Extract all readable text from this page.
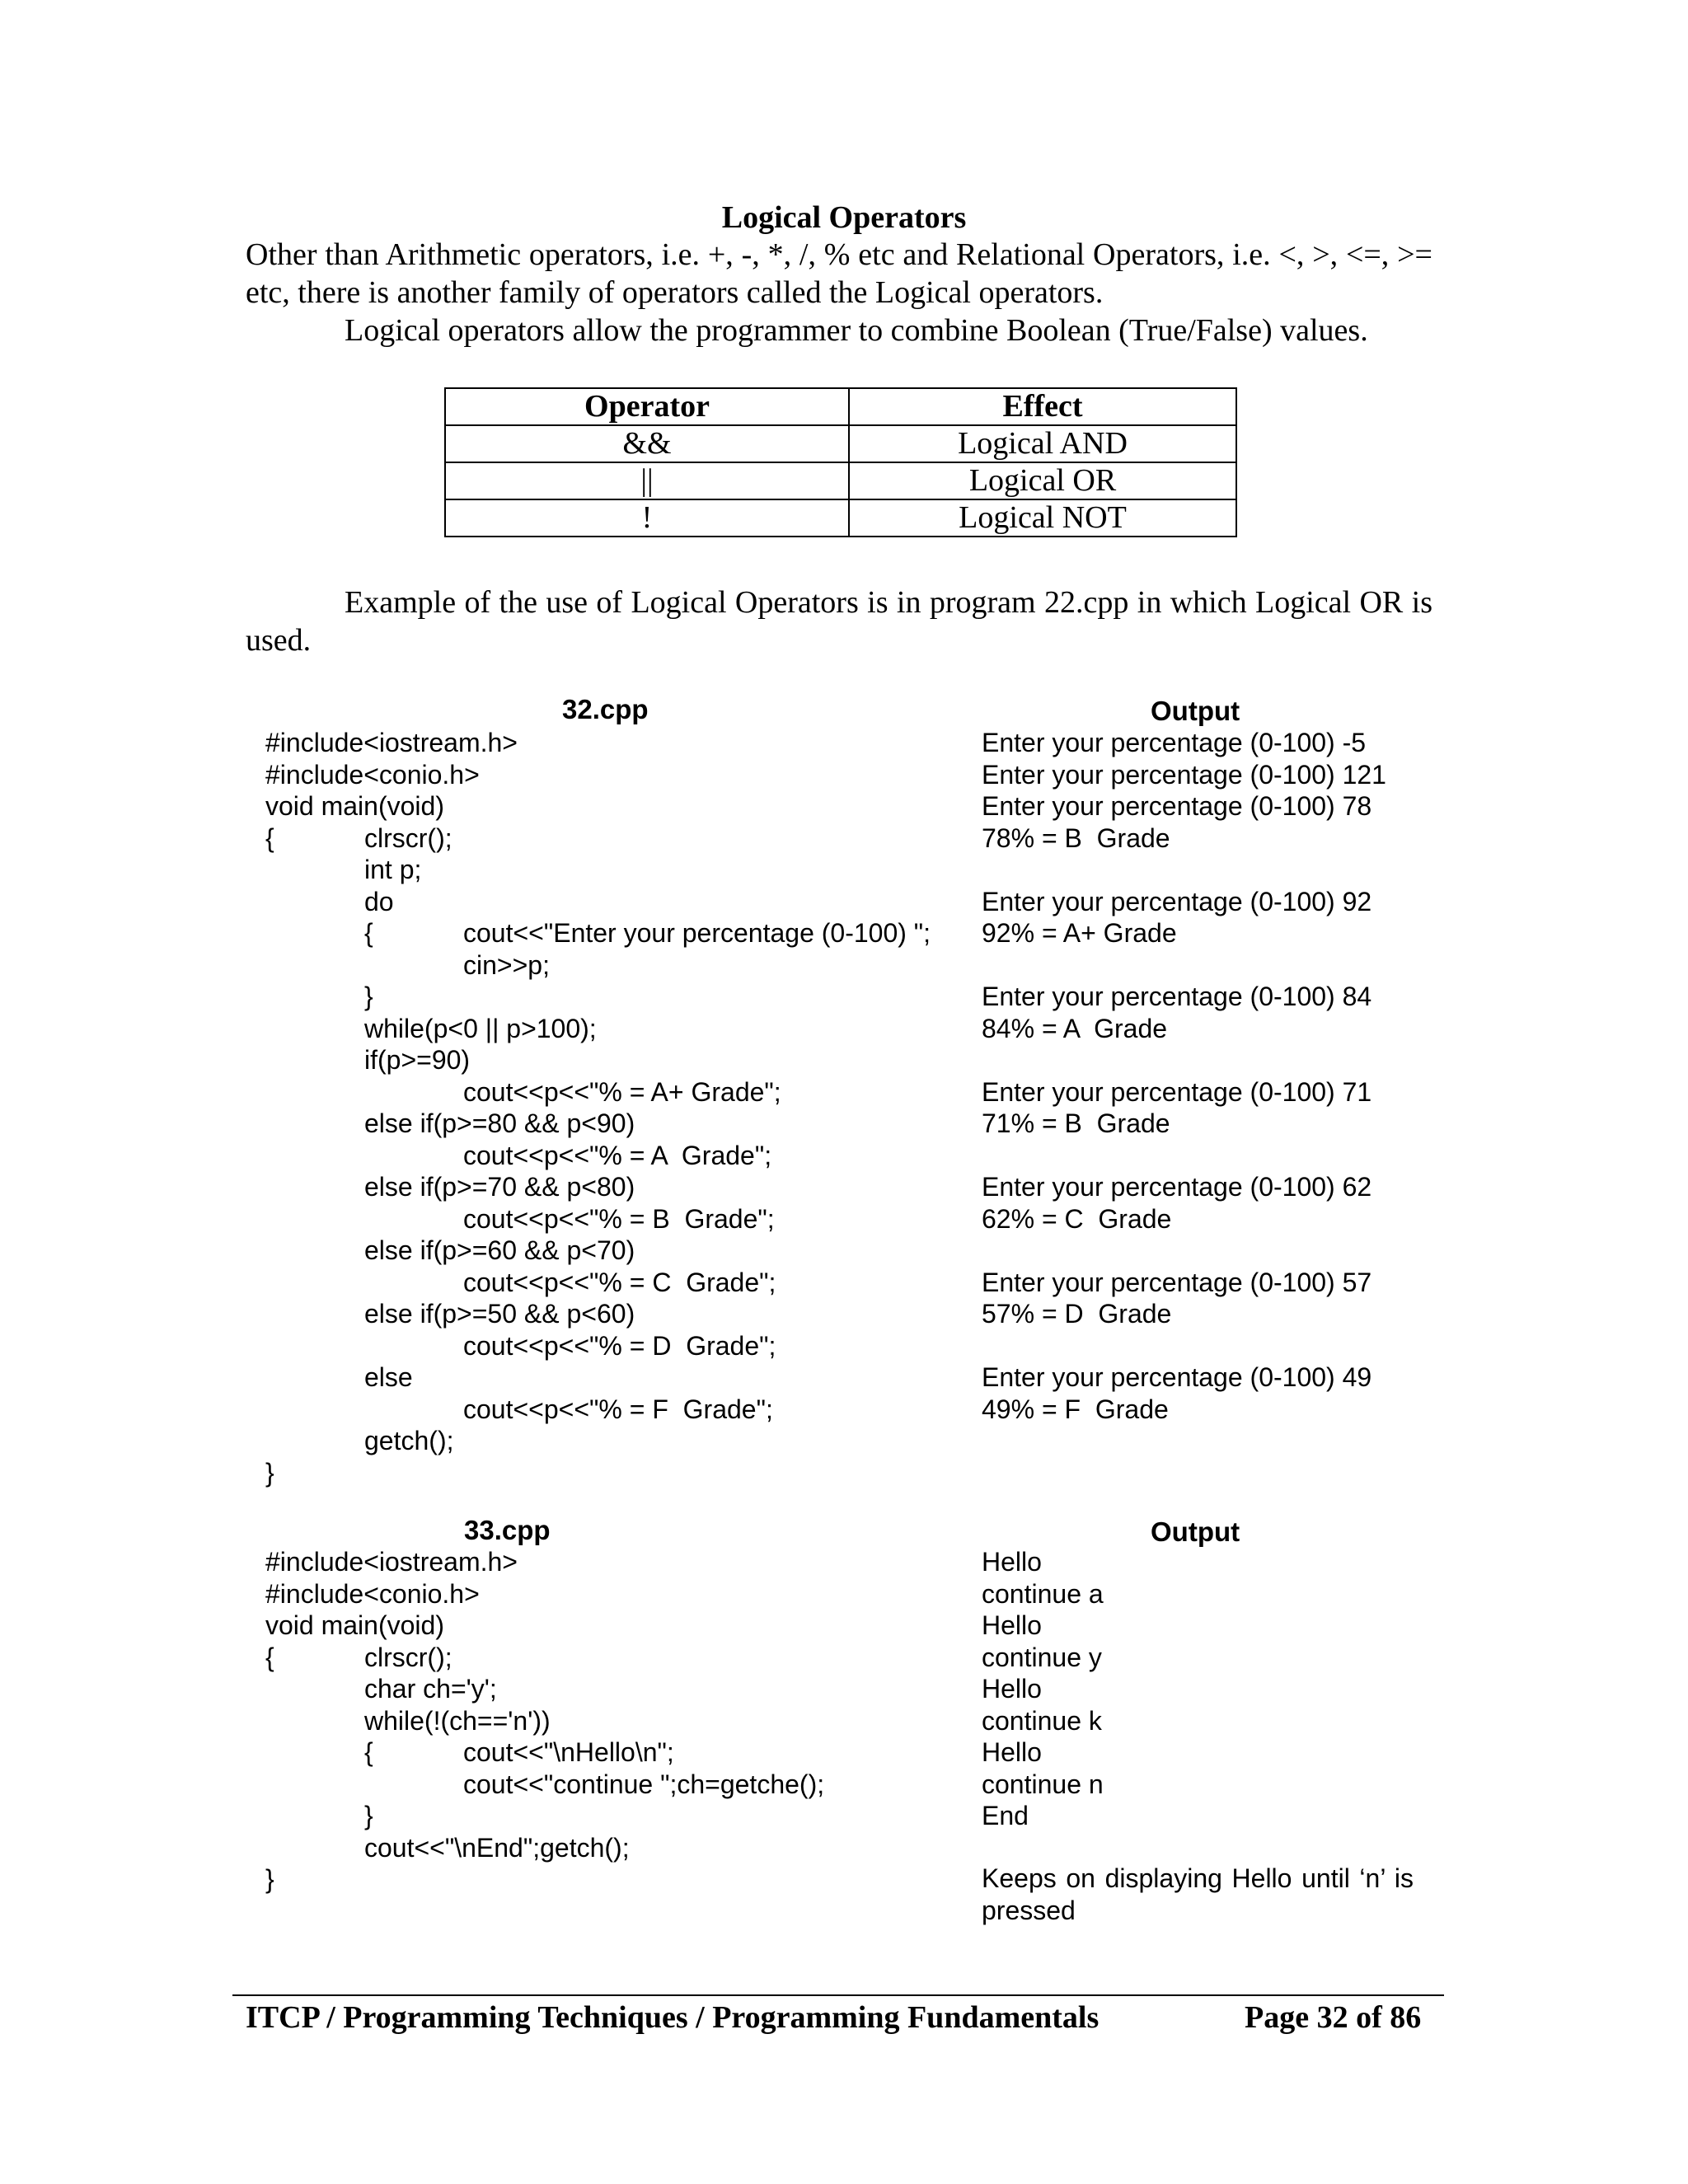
Logical Operators
Other than Arithmetic operators, i.e. +, -, *, /, % etc and Relational Operators, i.e. <, >, <=, >= etc, there is another family of operators called the Logical operators.
Logical operators allow the programmer to combine Boolean (True/False) values.
Operator	Effect
&&	Logical AND
||	Logical OR
!	Logical NOT
Example of the use of Logical Operators is in program 22.cpp in which Logical OR is used.
32.cpp	Output
#include<iostream.h>
#include<conio.h>
void main(void)
{	clrscr();
int p;
do
{	cout<<"Enter your percentage (0-100) ";
cin>>p;
}
while(p<0 || p>100);
if(p>=90)
cout<<p<<"% = A+ Grade";
else if(p>=80 && p<90)
cout<<p<<"% = A  Grade";
else if(p>=70 && p<80)
cout<<p<<"% = B  Grade";
else if(p>=60 && p<70)
cout<<p<<"% = C  Grade";
else if(p>=50 && p<60)
cout<<p<<"% = D  Grade";
else
cout<<p<<"% = F  Grade";
getch();
}
Enter your percentage (0-100) -5
Enter your percentage (0-100) 121
Enter your percentage (0-100) 78
78% = B  Grade
Enter your percentage (0-100) 92
92% = A+ Grade
Enter your percentage (0-100) 84
84% = A  Grade
Enter your percentage (0-100) 71
71% = B  Grade
Enter your percentage (0-100) 62
62% = C  Grade
Enter your percentage (0-100) 57
57% = D  Grade
Enter your percentage (0-100) 49
49% = F  Grade
33.cpp	Output
#include<iostream.h>
#include<conio.h>
void main(void)
{	clrscr();
char ch='y';
while(!(ch=='n'))
{	cout<<"\nHello\n";
cout<<"continue ";ch=getche();
}
cout<<"\nEnd";getch();
}
Hello
continue a
Hello
continue y
Hello
continue k
Hello
continue n
End
Keeps on displaying Hello until ‘n’ is pressed
ITCP / Programming Techniques / Programming Fundamentals	Page 32 of 86
